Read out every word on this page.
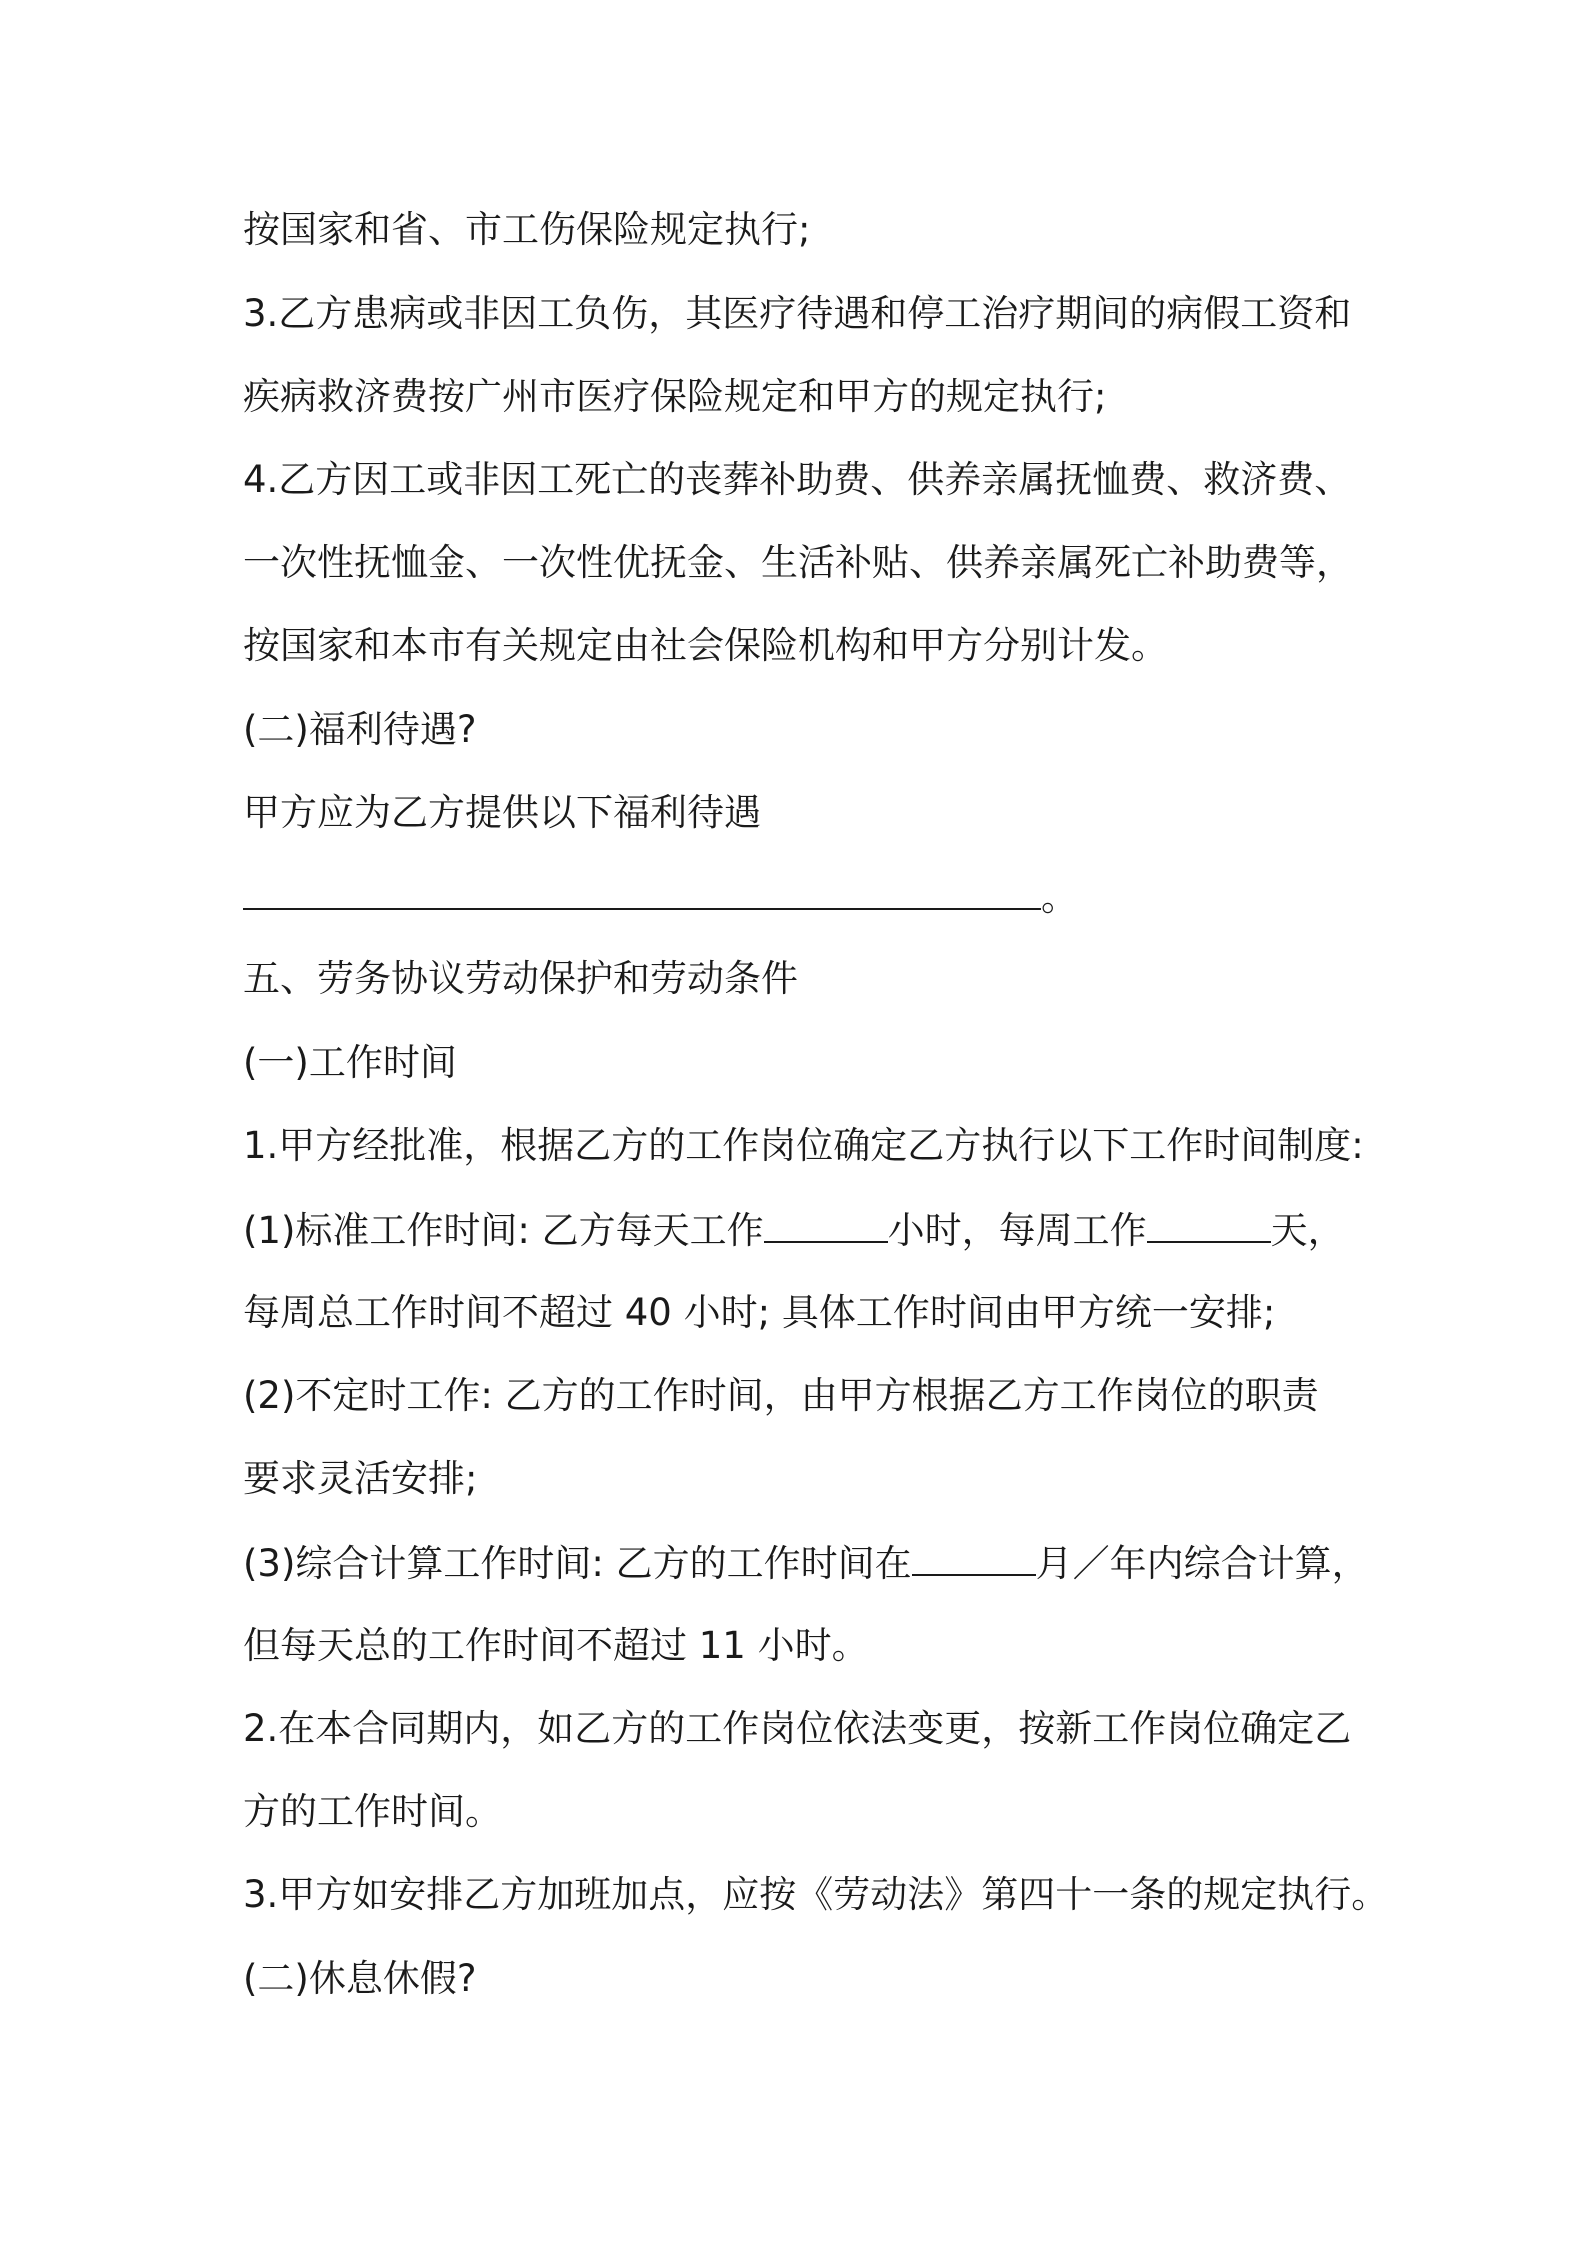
按国家和省、市工伤保险规定执行;
3.乙方患病或非因工负伤，其医疗待遇和停工治疗期间的病假工资和
疾病救济费按广州市医疗保险规定和甲方的规定执行;
4.乙方因工或非因工死亡的丧葬补助费、供养亲属抚恤费、救济费、
一次性抚恤金、一次性优抚金、生活补贴、供养亲属死亡补助费等，
按国家和本市有关规定由社会保险机构和甲方分别计发。
(二)福利待遇?
甲方应为乙方提供以下福利待遇
。
五、劳务协议劳动保护和劳动条件
(一)工作时间
1.甲方经批准，根据乙方的工作岗位确定乙方执行以下工作时间制度:
(1)标准工作时间: 乙方每天工作	小时，每周工作	天，
每周总工作时间不超过 40 小时; 具体工作时间由甲方统一安排;
(2)不定时工作: 乙方的工作时间，由甲方根据乙方工作岗位的职责
要求灵活安排;
(3)综合计算工作时间: 乙方的工作时间在	月／年内综合计算，
但每天总的工作时间不超过 11 小时。
2.在本合同期内，如乙方的工作岗位依法变更，按新工作岗位确定乙
方的工作时间。
3.甲方如安排乙方加班加点，应按《劳动法》第四十一条的规定执行。
(二)休息休假?
